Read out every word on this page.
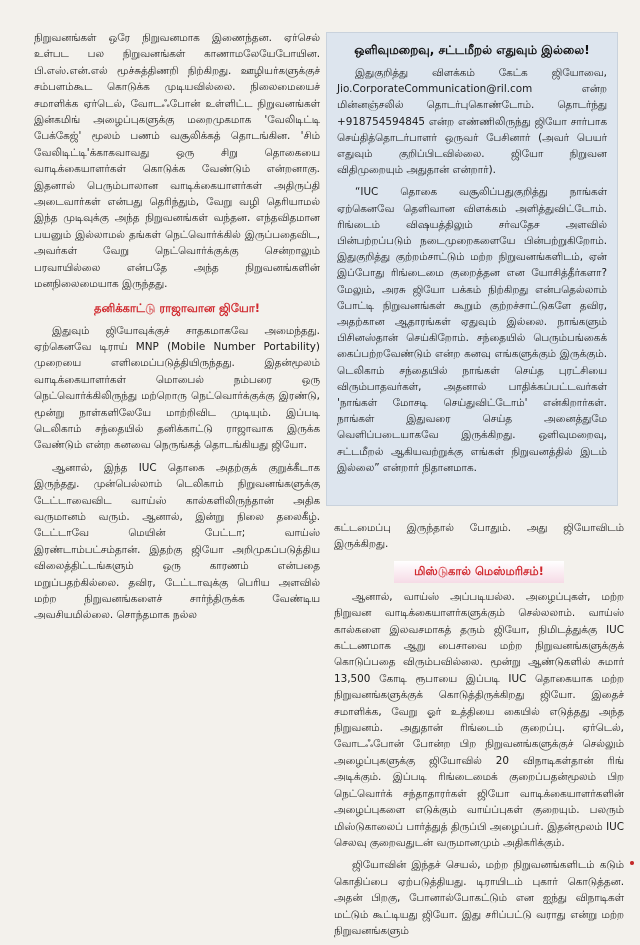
நிறுவனங்கள் ஒரே நிறுவனமாக இணைந்தன. ஏர்செல் உள்பட பல நிறுவனங்கள் காணாமலேயேபோயின. பி.எஸ்.என்.எல் மூச்சுத்திணறி நிற்கிறது. ஊழியர்களுக்குச் சம்பளம்கூட கொடுக்க முடியவில்லை. நிலைமையைச் சமாளிக்க ஏர்டெல், வோடஃபோன் உள்ளிட்ட நிறுவனங்கள் இன்கமிங் அழைப்புகளுக்கு மறைமுகமாக 'வேலிடிட்டி பேக்கேஜ்' மூலம் பணம் வசூலிக்கத் தொடங்கின. 'சிம் வேலிடிட்டி'க்காகவாவது ஒரு சிறு தொகையை வாடிக்கையாளர்கள் கொடுக்க வேண்டும் என்றனாகு. இதனால் பெரும்பாலான வாடிக்கையாளர்கள் அதிருப்தி அடைவார்கள் என்பது தெரிந்தும், வேறு வழி தெரியாமல் இந்த முடிவுக்கு அந்த நிறுவனங்கள் வந்தன. எந்தவிதமான பயனும் இல்லாமல் தங்கள் நெட்வொர்க்கில் இருப்பதைவிட, அவர்கள் வேறு நெட்வொர்க்குக்கு சென்றாலும் பரவாயில்லை என்பதே அந்த நிறுவனங்களின் மனநிலைமையாக இருந்தது.

தனிக்காட்டு ராஜாவான ஜியோ!

இதுவும் ஜியோவுக்குச் சாதகமாகவே அமைந்தது. ஏற்கெனவே டிராய் MNP (Mobile Number Portability) முறையை எளிமைப்படுத்தியிருந்தது. இதன்மூலம் வாடிக்கையாளர்கள் மொபைல் நம்பரை ஒரு நெட்வொர்க்கிலிருந்து மற்றொரு நெட்வொர்க்குக்கு இரண்டு, மூன்று நாள்களிலேயே மாற்றிவிட முடியும். இப்படி டெலிகாம் சந்தையில் தனிக்காட்டு ராஜாவாக இருக்க வேண்டும் என்ற கனவை நெருங்கத் தொடங்கியது ஜியோ.

ஆனால், இந்த IUC தொகை அதற்குக் குறுக்கீடாக இருந்தது. முன்பெல்லாம் டெலிகாம் நிறுவனங்களுக்கு டேட்டாவைவிட வாய்ஸ் கால்களிலிருந்தான் அதிக வருமானம் வரும். ஆனால், இன்று நிலை தலைகீழ். டேட்டாவே மெயின் பேட்டா; வாய்ஸ் இரண்டாம்பட்சம்தான். இதற்கு ஜியோ அறிமுகப்படுத்திய விலைத்திட்டங்களும் ஒரு காரணம் என்பதை மறுப்பதற்கில்லை. தவிர, டேட்டாவுக்கு பெரிய அளவில் மற்ற நிறுவனங்களைச் சார்ந்திருக்க வேண்டிய அவசியமில்லை. சொந்தமாக நல்ல

ஒளிவுமறைவு, சட்டமீறல் எதுவும் இல்லை!

இதுகுறித்து விளக்கம் கேட்க ஜியோவை, Jio.CorporateCommunication@ril.com என்ற மின்னஞ்சலில் தொடர்புகொண்டோம். தொடர்ந்து +918754594845 என்ற எண்ணிலிருந்து ஜியோ சார்பாக செய்தித்தொடர்பாளர் ஒருவர் பேசினார் (அவர் பெயர் எதுவும் குறிப்பிடவில்லை. ஜியோ நிறுவன விதிமுறையும் அதுதான் என்றார்).

“IUC தொகை வசூலிப்பதுகுறித்து நாங்கள் ஏற்கெனவே தெளிவான விளக்கம் அளித்துவிட்டோம். ரிங்டைம் விஷயத்திலும் சர்வதேச அளவில் பின்பற்றப்படும் நடைமுறைகளையே பின்பற்றுகிறோம். இதுகுறித்து குற்றம்சாட்டும் மற்ற நிறுவனங்களிடம், ஏன் இப்போது ரிங்டைமை குறைத்தன என யோசித்தீர்களா? மேலும், அரசு ஜியோ பக்கம் நிற்கிறது என்பதெல்லாம் போட்டி நிறுவனங்கள் கூறும் குற்றச்சாட்டுகளே தவிர, அதற்கான ஆதாரங்கள் ஏதுவும் இல்லை. நாங்களும் பிசினஸ்தான் செய்கிறோம். சந்தையில் பெரும்பங்கைக் கைப்பற்றவேண்டும் என்ற கனவு எங்களுக்கும் இருக்கும். டெலிகாம் சந்தையில் நாங்கள் செய்த புரட்சியை விரும்பாதவர்கள், அதனால் பாதிக்கப்பட்டவர்கள் 'நாங்கள் மோசடி செய்துவிட்டோம்' என்கிறார்கள். நாங்கள் இதுவரை செய்த அனைத்துமே வெளிப்படையாகவே இருக்கிறது. ஒளிவுமறைவு, சட்டமீறல் ஆகியவற்றுக்கு எங்கள் நிறுவனத்தில் இடம் இல்லை” என்றார் நிதானமாக.

கட்டமைப்பு இருந்தால் போதும். அது ஜியோவிடம் இருக்கிறது.

மிஸ்டுகால் மெஸ்மரிசம்!

ஆனால், வாய்ஸ் அப்படியல்ல. அழைப்புகள், மற்ற நிறுவன வாடிக்கையாளர்களுக்கும் செல்லலாம். வாய்ஸ் கால்களை இலவசமாகத் தரும் ஜியோ, நிமிடத்துக்கு IUC கட்டணமாக ஆறு பைசாவை மற்ற நிறுவனங்களுக்குக் கொடுப்பதை விரும்பவில்லை. மூன்று ஆண்டுகளில் சுமார் 13,500 கோடி ரூபாயை இப்படி IUC தொகையாக மற்ற நிறுவனங்களுக்குக் கொடுத்திருக்கிறது ஜியோ. இதைச் சமாளிக்க, வேறு ஓர் உத்தியை கையில் எடுத்தது அந்த நிறுவனம். அதுதான் ரிங்டைம் குறைப்பு. ஏர்டெல், வோடஃபோன் போன்ற பிற நிறுவனங்களுக்குச் செல்லும் அழைப்புகளுக்கு ஜியோவில் 20 விநாடிகள்தான் ரிங் அடிக்கும். இப்படி ரிங்டைமைக் குறைப்பதன்மூலம் பிற நெட்வொர்க் சந்தாதாரர்கள் ஜியோ வாடிக்கையாளர்களின் அழைப்புகளை எடுக்கும் வாய்ப்புகள் குறையும். பலரும் மிஸ்டுகாலைப் பார்த்துத் திருப்பி அழைப்பர். இதன்மூலம் IUC செலவு குறைவதுடன் வருமானமும் அதிகரிக்கும்.

ஜியோவின் இந்தச் செயல், மற்ற நிறுவனங்களிடம் கடும் கொதிப்பை ஏற்படுத்தியது. டிராயிடம் புகார் கொடுத்தன. அதன் பிறகு, போனால்போகட்டும் என ஐந்து விநாடிகள் மட்டும் கூட்டியது ஜியோ. இது சரிப்பட்டு வராது என்று மற்ற நிறுவனங்களும்
